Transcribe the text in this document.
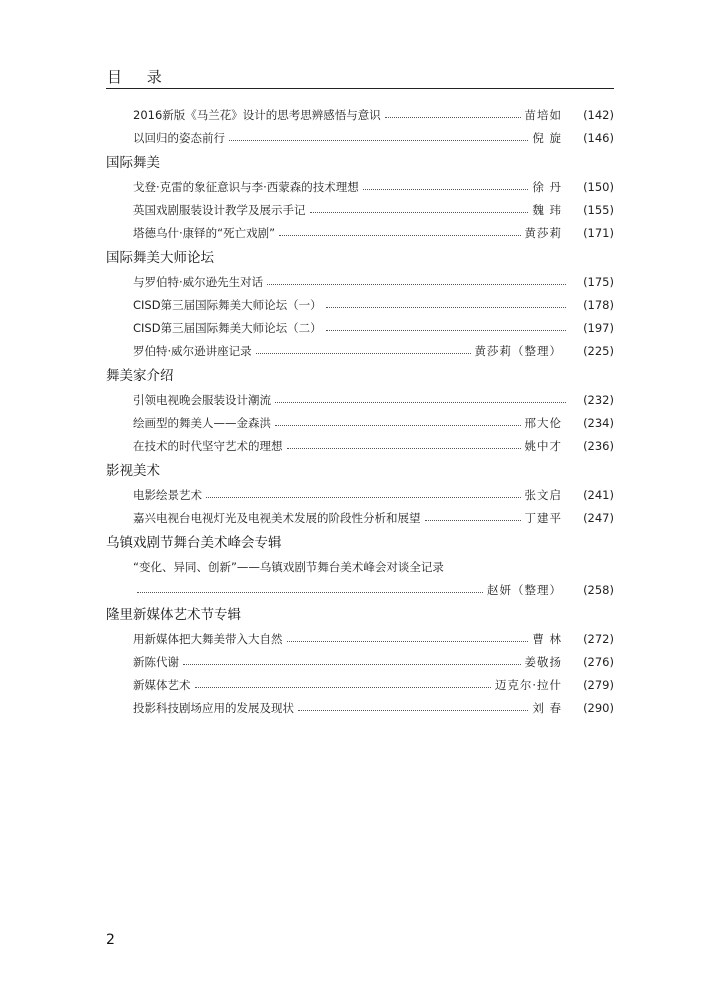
目 录
2016新版《马兰花》设计的思考思辨感悟与意识	苗培如	(142)
以回归的姿态前行	倪 旋	(146)
国际舞美
戈登·克雷的象征意识与李·西蒙森的技术理想	徐 丹	(150)
英国戏剧服装设计教学及展示手记	魏 玮	(155)
塔德乌什·康铎的“死亡戏剧”	黄莎莉	(171)
国际舞美大师论坛
与罗伯特·威尔逊先生对话	(175)
CISD第三届国际舞美大师论坛（一）	(178)
CISD第三届国际舞美大师论坛（二）	(197)
罗伯特·威尔逊讲座记录	黄莎莉（整理）	(225)
舞美家介绍
引领电视晚会服装设计潮流	(232)
绘画型的舞美人——金森洪	邢大伦	(234)
在技术的时代坚守艺术的理想	姚中才	(236)
影视美术
电影绘景艺术	张文启	(241)
嘉兴电视台电视灯光及电视美术发展的阶段性分析和展望	丁建平	(247)
乌镇戏剧节舞台美术峰会专辑
“变化、异同、创新”——乌镇戏剧节舞台美术峰会对谈全记录
赵妍（整理）	(258)
隆里新媒体艺术节专辑
用新媒体把大舞美带入大自然	曹 林	(272)
新陈代谢	姜敬扬	(276)
新媒体艺术	迈克尔·拉什	(279)
投影科技剧场应用的发展及现状	刘 春	(290)
2
